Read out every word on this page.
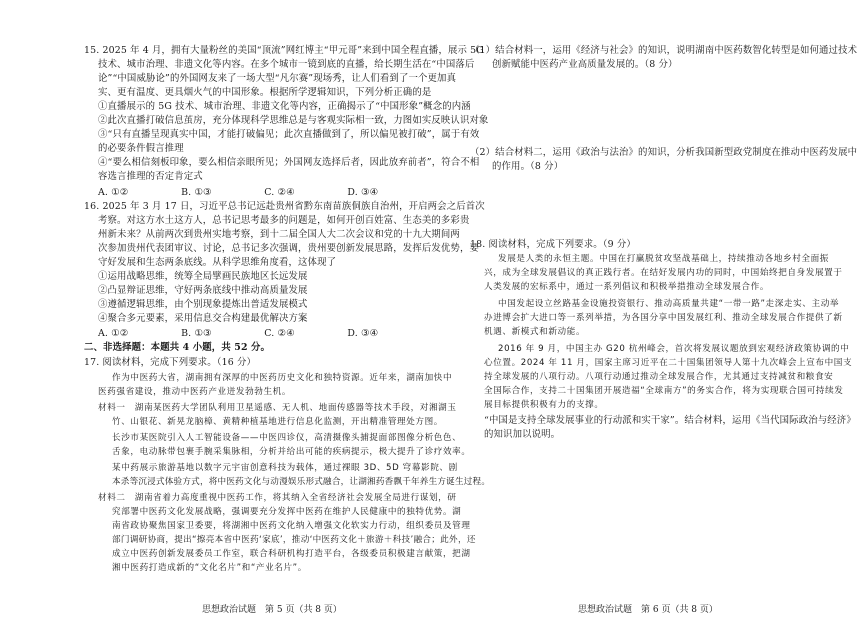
15. 2025 年 4 月，拥有大量粉丝的美国“顶流”网红博主“甲元哥”来到中国全程直播，展示 5G
技术、城市治理、非遗文化等内容。在多个城市一镜到底的直播，给长期生活在“中国落后
论”“中国威胁论”的外国网友来了一场大型“凡尔赛”现场秀，让人们看到了一个更加真
实、更有温度、更具烟火气的中国形象。根据所学逻辑知识，下列分析正确的是
①直播展示的 5G 技术、城市治理、非遗文化等内容，正确揭示了“中国形象”概念的内涵
②此次直播打破信息茧房，充分体现科学思维总是与客观实际相一致，力图如实反映认识对象
③“只有直播呈现真实中国，才能打破偏见；此次直播做到了，所以偏见被打破”，属于有效
的必要条件假言推理
④“要么相信刻板印象，要么相信亲眼所见；外国网友选择后者，因此放弃前者”，符合不相
容选言推理的否定肯定式
A. ①②	B. ①③	C. ②④	D. ③④
16. 2025 年 3 月 17 日，习近平总书记远赴贵州省黔东南苗族侗族自治州，开启两会之后首次
考察。对这方水土这方人，总书记思考最多的问题是，如何开创百姓富、生态美的多彩贵
州新未来？从前两次到贵州实地考察，到十二届全国人大二次会议和党的十九大期间两
次参加贵州代表团审议、讨论，总书记多次强调，贵州要创新发展思路，发挥后发优势，要
守好发展和生态两条底线。从科学思维角度看，这体现了
①运用战略思维，统筹全局擘画民族地区长远发展
②凸显辩证思维，守好两条底线中推动高质量发展
③遵循逻辑思维，由个别现象提炼出普适发展模式
④聚合多元要素，采用信息交合构建最优解决方案
A. ①②	B. ①③	C. ②④	D. ③④
二、非选择题：本题共 4 小题，共 52 分。
17. 阅读材料，完成下列要求。（16 分）
作为中医药大省，湖南拥有深厚的中医药历史文化和独特资源。近年来，湖南加快中
医药强省建设，推动中医药产业迸发勃勃生机。
材料一　湖南某医药大学团队利用卫星遥感、无人机、地面传感器等技术手段，对湘湖玉
竹、山银花、新晃龙脑樟、黄精种植基地进行信息化监测，开出精准管理处方图。
长沙市某医院引入人工智能设备——中医四诊仪，高清摄像头捕捉面部图像分析色色、
舌象，电动脉带包裹手腕采集脉相，分析并给出可能的疾病提示，极大提升了诊疗效率。
某中药展示旅游基地以数字元宇宙创意科技为载体，通过裸眼 3D、5D 穹幕影院、剧
本杀等沉浸式体验方式，将中医药文化与动漫娱乐形式融合，让湖湘药香飘千年养生方诞生过程。
材料二　湖南省着力高度重视中医药工作，将其纳入全省经济社会发展全局进行谋划，研
究部署中医药文化发展战略，强调要充分发挥中医药在维护人民健康中的独特优势。湖
南省政协聚焦国家卫委要，将湖湘中医药文化纳入增强文化软实力行动，组织委员及管理
部门调研协商，提出“擦亮本省中医药‘家底’，推动‘中医药文化＋旅游＋科技’融合；此外，还
成立中医药创新发展委员工作室，联合科研机构打造平台，各级委员积极建言献策，把湖
湘中医药打造成新的“文化名片”和“产业名片”。
思想政治试题　第 5 页（共 8 页）
（1）结合材料一，运用《经济与社会》的知识，说明湖南中医药数智化转型是如何通过技术
创新赋能中医药产业高质量发展的。（8 分）
（2）结合材料二，运用《政治与法治》的知识，分析我国新型政党制度在推动中医药发展中
的作用。（8 分）
18. 阅读材料，完成下列要求。（9 分）
发展是人类的永恒主题。中国在打赢脱贫攻坚战基础上，持续推动各地乡村全面振
兴，成为全球发展倡议的真正践行者。在结好发展内功的同时，中国始终把自身发展置于
人类发展的宏标系中，通过一系列倡议和积极举措推动全球发展合作。
中国发起设立丝路基金设施投资银行、推动高质量共建“一带一路”走深走实、主动举
办进博会扩大进口等一系列举措，为各国分享中国发展红利、推动全球发展合作提供了新
机遇、新模式和新动能。
2016 年 9 月，中国主办 G20 杭州峰会，首次将发展议题放到宏观经济政策协调的中
心位置。2024 年 11 月，国家主席习近平在二十国集团领导人第十九次峰会上宣布中国支
持全球发展的八项行动。八项行动通过推动全球发展合作，尤其通过支持减贫和粮食安
全国际合作，支持二十国集团开展造福“全球南方”的务实合作，将为实现联合国可持续发
展目标提供积极有力的支撑。
“中国是支持全球发展事业的行动派和实干家”。结合材料，运用《当代国际政治与经济》
的知识加以说明。
思想政治试题　第 6 页（共 8 页）
